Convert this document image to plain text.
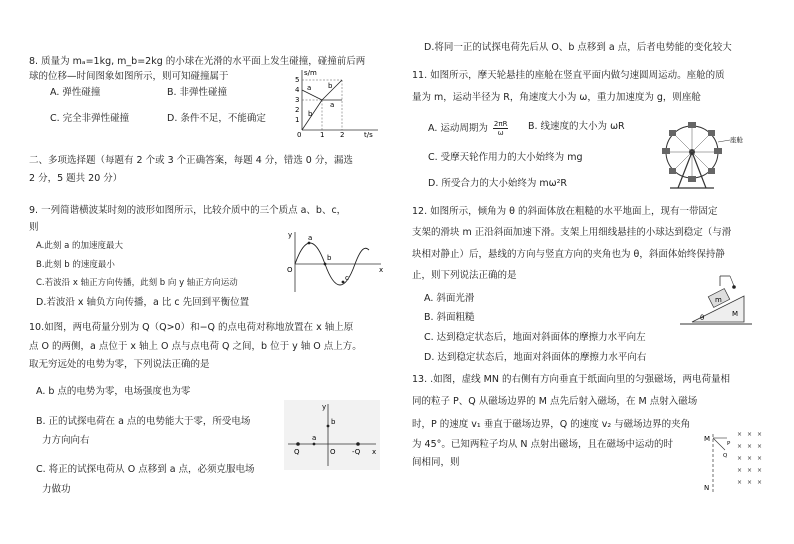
8. 质量为 mₐ=1kg, m_b=2kg 的小球在光滑的水平面上发生碰撞，碰撞前后两
球的位移—时间图象如图所示，则可知碰撞属于
A. 弹性碰撞	B. 非弹性碰撞
C. 完全非弹性碰撞	D. 条件不足，不能确定
s/m
t/s
5
4
3
2
1
0	1 2
a
b
b
a
二、多项选择题（每题有 2 个或 3 个正确答案，每题 4 分，错选 0 分，漏选
2 分，5 题共 20 分）
9. 一列简谐横波某时刻的波形如图所示，比较介质中的三个质点 a、b、c，
则
A.此刻 a 的加速度最大
B.此刻 b 的速度最小
C.若波沿 x 轴正方向传播，此刻 b 向 y 轴正方向运动
D.若波沿 x 轴负方向传播，a 比 c 先回到平衡位置
y
x
O
a
b
c
10.如图，两电荷量分别为 Q（Q>0）和−Q 的点电荷对称地放置在 x 轴上原
点 O 的两侧，a 点位于 x 轴上 O 点与点电荷 Q 之间，b 位于 y 轴 O 点上方。
取无穷远处的电势为零，下列说法正确的是
A. b 点的电势为零，电场强度也为零
B. 正的试探电荷在 a 点的电势能大于零，所受电场
力方向向右
C. 将正的试探电荷从 O 点移到 a 点，必须克服电场
力做功
y
b
Q
a
O -Q x
D.将同一正的试探电荷先后从 O、b 点移到 a 点，后者电势能的变化较大
11. 如图所示，摩天轮悬挂的座舱在竖直平面内做匀速圆周运动。座舱的质
量为 m，运动半径为 R，角速度大小为 ω，重力加速度为 g，则座舱
A. 运动周期为 $\frac{2\pi R}{\omega} B$. 线速度的大小为 ωR
C. 受摩天轮作用力的大小始终为 mg
D. 所受合力的大小始终为 mω²R
座舱
12. 如图所示，倾角为 θ 的斜面体放在粗糙的水平地面上，现有一带固定
支架的滑块 m 正沿斜面加速下滑。支架上用细线悬挂的小球达到稳定（与滑
块相对静止）后，悬线的方向与竖直方向的夹角也为 θ，斜面体始终保持静
止，则下列说法正确的是
A. 斜面光滑
B. 斜面粗糙
C. 达到稳定状态后，地面对斜面体的摩擦力水平向左
D. 达到稳定状态后，地面对斜面体的摩擦力水平向右
m
M
θ
13. .如图，虚线 MN 的右侧有方向垂直于纸面向里的匀强磁场，两电荷量相
同的粒子 P、Q 从磁场边界的 M 点先后射入磁场，在 M 点射入磁场
时，P 的速度 v₁ 垂直于磁场边界，Q 的速度 v₂ 与磁场边界的夹角
为 45°。已知两粒子均从 N 点射出磁场，且在磁场中运动的时
间相同，则
M
N
P
Q
× × ×
× × ×
× × ×
× × ×
× × ×
